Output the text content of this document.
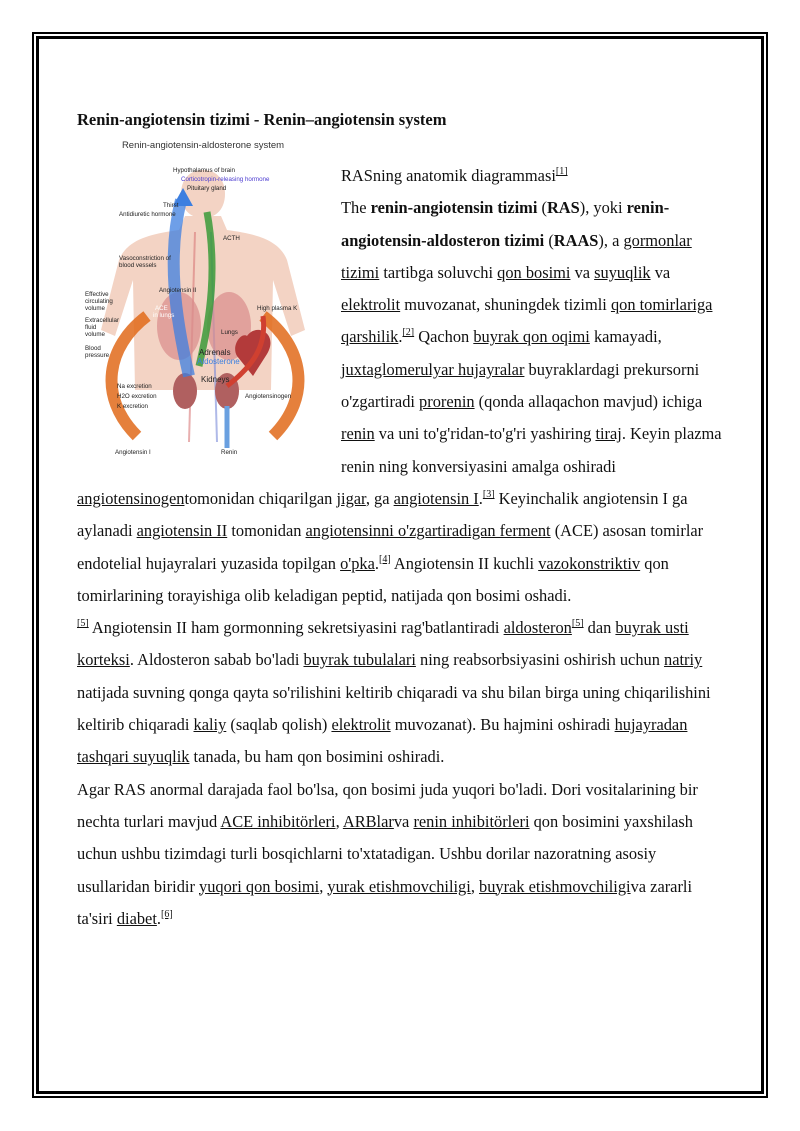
Renin-angiotensin tizimi - Renin–angiotensin system
Renin-angiotensin-aldosterone system
Hypothalamus of brain
Corticotropin-releasing hormone
Pituitary gland
Thirst
Antidiuretic hormone
ACTH
Vasoconstriction of
blood vessels
Effective
circulating
volume
Extracellular
fluid
volume
Blood
pressure
Angiotensin II
ACE
in lungs
Lungs
High plasma K
Adrenals
Aldosterone
Kidneys
Na excretion
H2O excretion
K excretion
Angiotensinogen
Angiotensin I	Renin

RASning anatomik diagrammasi[1]
The renin-angiotensin tizimi (RAS), yoki renin-angiotensin-aldosteron tizimi (RAAS), a gormonlar tizimi tartibga soluvchi qon bosimi va suyuqlik va elektrolit muvozanat, shuningdek tizimli qon tomirlariga qarshilik.[2] Qachon buyrak qon oqimi kamayadi, juxtaglomerulyar hujayralar buyraklardagi prekursorni o'zgartiradi prorenin (qonda allaqachon mavjud) ichiga renin va uni to'g'ridan-to'g'ri yashiring tiraj. Keyin plazma renin ning konversiyasini amalga oshiradi angiotensinogentomonidan chiqarilgan jigar, ga angiotensin I.[3] Keyinchalik angiotensin I ga aylanadi angiotensin II tomonidan angiotensinni o'zgartiradigan ferment (ACE) asosan tomirlar endotelial hujayralari yuzasida topilgan o'pka.[4] Angiotensin II kuchli vazokonstriktiv qon tomirlarining torayishiga olib keladigan peptid, natijada qon bosimi oshadi.
[5] Angiotensin II ham gormonning sekretsiyasini rag'batlantiradi aldosteron[5] dan buyrak usti korteksi. Aldosteron sabab bo'ladi buyrak tubulalari ning reabsorbsiyasini oshirish uchun natriy natijada suvning qonga qayta so'rilishini keltirib chiqaradi va shu bilan birga uning chiqarilishini keltirib chiqaradi kaliy (saqlab qolish) elektrolit muvozanat). Bu hajmini oshiradi hujayradan tashqari suyuqlik tanada, bu ham qon bosimini oshiradi.

Agar RAS anormal darajada faol bo'lsa, qon bosimi juda yuqori bo'ladi. Dori vositalarining bir nechta turlari mavjud ACE inhibitörleri, ARBlarva renin inhibitörleri qon bosimini yaxshilash uchun ushbu tizimdagi turli bosqichlarni to'xtatadigan. Ushbu dorilar nazoratning asosiy usullaridan biridir yuqori qon bosimi, yurak etishmovchiligi, buyrak etishmovchiligiva zararli ta'siri diabet.[6]
